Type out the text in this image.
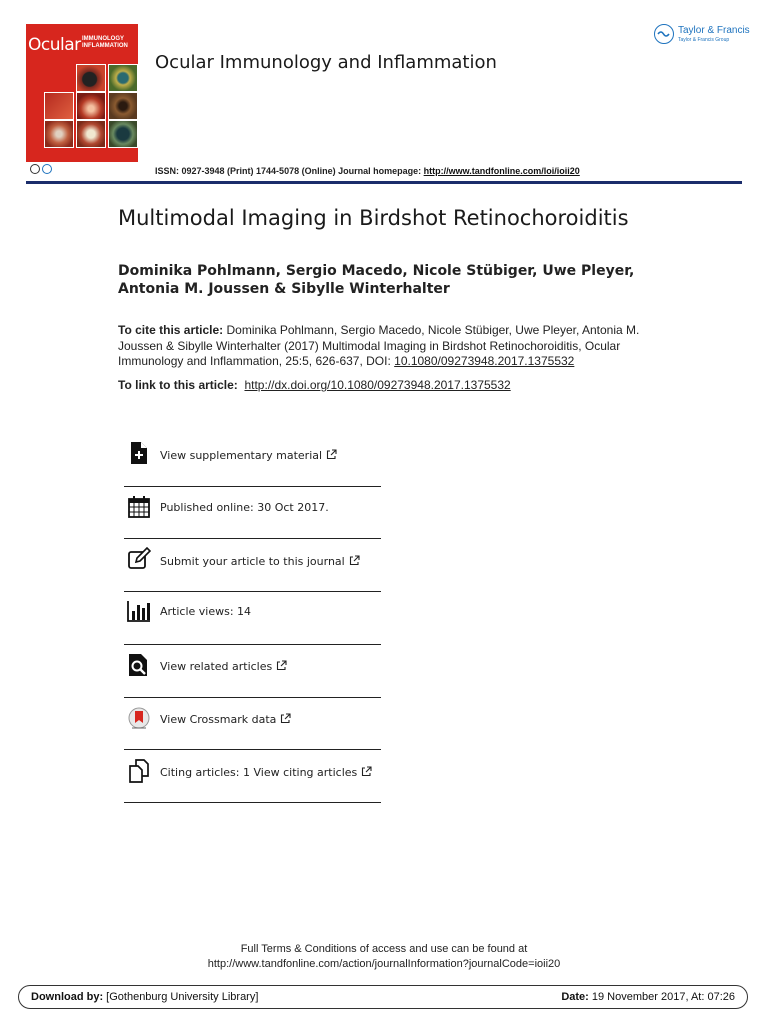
Ocular IMMUNOLOGY
INFLAMMATION
Ocular Immunology and Inflammation
Taylor & Francis
Taylor & Francis Group
ISSN: 0927-3948 (Print) 1744-5078 (Online) Journal homepage: http://www.tandfonline.com/loi/ioii20
Multimodal Imaging in Birdshot Retinochoroiditis
Dominika Pohlmann, Sergio Macedo, Nicole Stübiger, Uwe Pleyer, Antonia M. Joussen & Sibylle Winterhalter
To cite this article: Dominika Pohlmann, Sergio Macedo, Nicole Stübiger, Uwe Pleyer, Antonia M. Joussen & Sibylle Winterhalter (2017) Multimodal Imaging in Birdshot Retinochoroiditis, Ocular Immunology and Inflammation, 25:5, 626-637, DOI: 10.1080/09273948.2017.1375532
To link to this article: http://dx.doi.org/10.1080/09273948.2017.1375532
View supplementary material
Published online: 30 Oct 2017.
Submit your article to this journal
Article views: 14
View related articles
View Crossmark data
Citing articles: 1 View citing articles
Full Terms & Conditions of access and use can be found at
http://www.tandfonline.com/action/journalInformation?journalCode=ioii20
Download by: [Gothenburg University Library]	Date: 19 November 2017, At: 07:26
